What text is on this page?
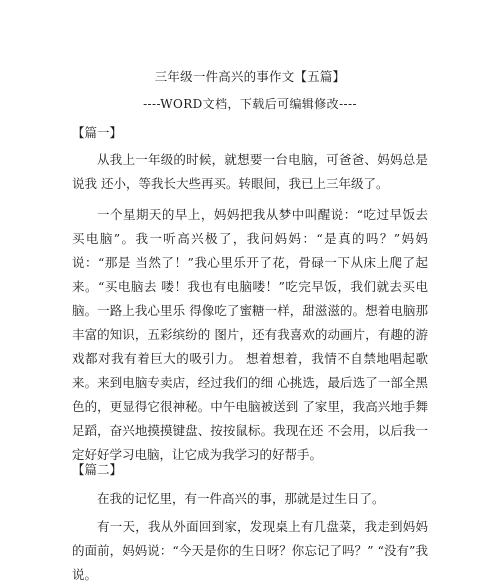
三年级一件高兴的事作文【五篇】
----WORD文档，下载后可编辑修改----
【篇一】

从我上一年级的时候，就想要一台电脑，可爸爸、妈妈总是说我 还小，等我长大些再买。转眼间，我已上三年级了。

一个星期天的早上，妈妈把我从梦中叫醒说：“吃过早饭去买电脑”。我一听高兴极了，我问妈妈：“是真的吗？”妈妈说：“那是 当然了！”我心里乐开了花，骨碌一下从床上爬了起来。“买电脑去 喽！我也有电脑喽！”吃完早饭，我们就去买电脑。一路上我心里乐 得像吃了蜜糖一样，甜滋滋的。想着电脑那丰富的知识，五彩缤纷的 图片，还有我喜欢的动画片，有趣的游戏都对我有着巨大的吸引力。 想着想着，我情不自禁地唱起歌来。来到电脑专卖店，经过我们的细 心挑选，最后选了一部全黑色的，更显得它很神秘。中午电脑被送到 了家里，我高兴地手舞足蹈，奋兴地摸摸键盘、按按鼠标。我现在还 不会用，以后我一定好好学习电脑，让它成为我学习的好帮手。

【篇二】

在我的记忆里，有一件高兴的事，那就是过生日了。

有一天，我从外面回到家，发现桌上有几盘菜，我走到妈妈的面前，妈妈说：“今天是你的生日呀？你忘记了吗？” “没有”我说。
